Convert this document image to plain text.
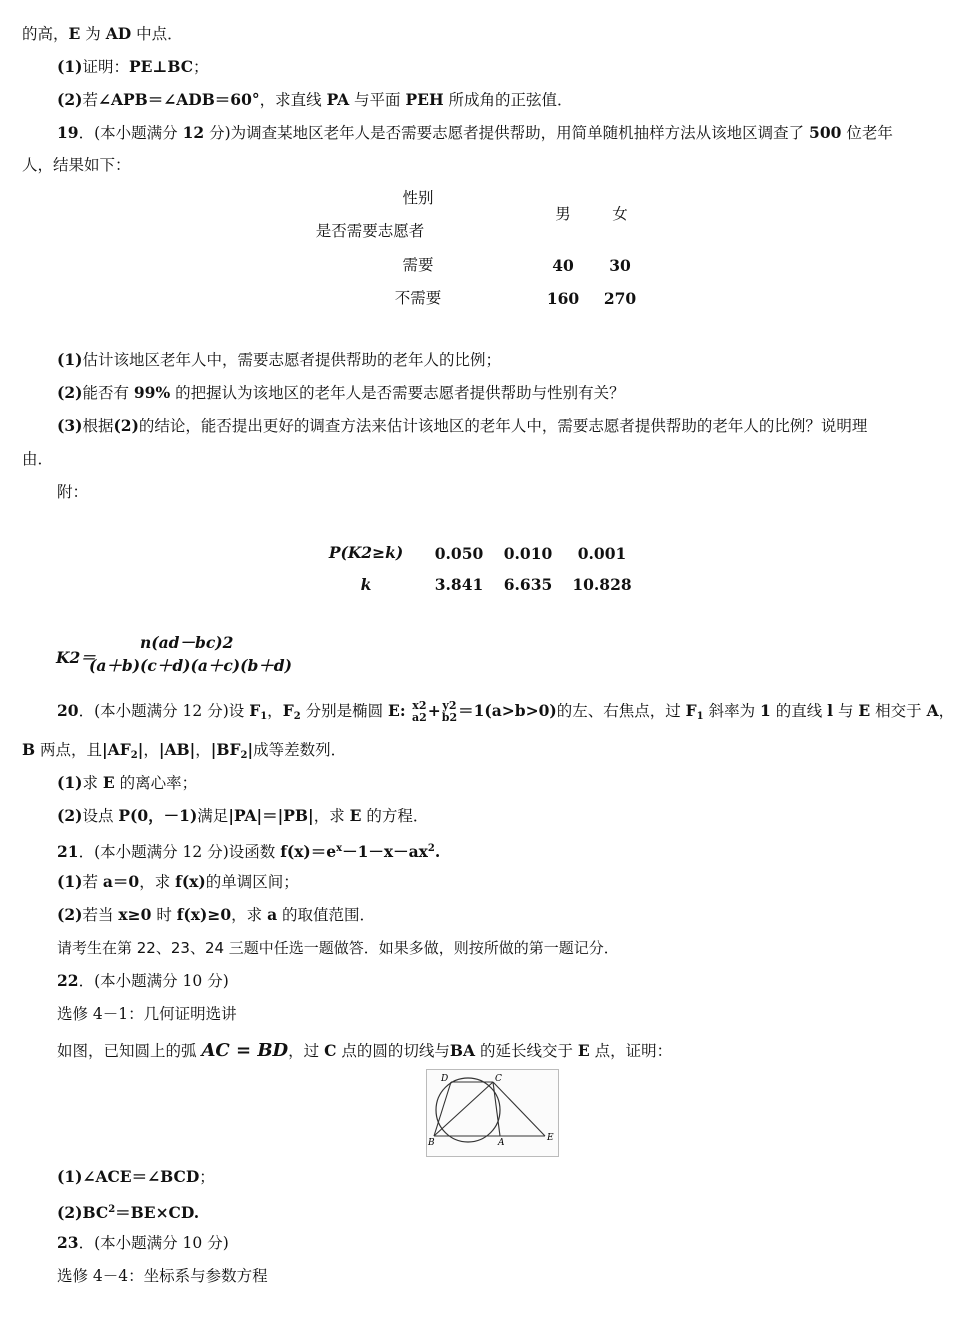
的高，E 为 AD 中点．
(1)证明：PE⊥BC；
(2)若∠APB＝∠ADB＝60°，求直线 PA 与平面 PEH 所成角的正弦值．
19．(本小题满分 12 分)为调查某地区老年人是否需要志愿者提供帮助，用简单随机抽样方法从该地区调查了 500 位老年
人，结果如下：
性别
是否需要志愿者
男	女
需要	40 30
不需要	160 270
(1)估计该地区老年人中，需要志愿者提供帮助的老年人的比例；
(2)能否有 99% 的把握认为该地区的老年人是否需要志愿者提供帮助与性别有关？
(3)根据(2)的结论，能否提出更好的调查方法来估计该地区的老年人中，需要志愿者提供帮助的老年人的比例？说明理
由．
附：
P(K2≥k) 0.050 0.010 0.001
k	3.841 6.635 10.828
K2＝
n(ad－bc)2
(a＋b)(c＋d)(a＋c)(b＋d)
20．(本小题满分 12 分)设 $F_1$，$F_2$ 分别是椭圆 E: x2
a2 + y2
b2 ＝1(a>b>0)的左、右焦点，过 $F_1$ 斜率为 1 的直线 l 与 E 相交于 A，
B 两点，且$|AF_2|$，|AB|，$|BF_2|$成等差数列．
(1)求 E 的离心率；
(2)设点 P(0，－1)满足|PA|＝|PB|，求 E 的方程．
21．(本小题满分 12 分)设函数 $f(x)=e^x-1-x-ax^2$.
(1)若 a＝0，求 f(x)的单调区间；
(2)若当 x≥0 时 f(x)≥0，求 a 的取值范围．
请考生在第 22、23、24 三题中任选一题做答．如果多做，则按所做的第一题记分．
22．(本小题满分 10 分)
选修 4－1：几何证明选讲
如图，已知圆上的弧 AC = BD，过 C 点的圆的切线与BA 的延长线交于 E 点，证明：
D	C
B	A	E
(1)∠ACE＝∠BCD；
$(2)BC^2=BE\times CD$.
23．(本小题满分 10 分)
选修 4－4：坐标系与参数方程
